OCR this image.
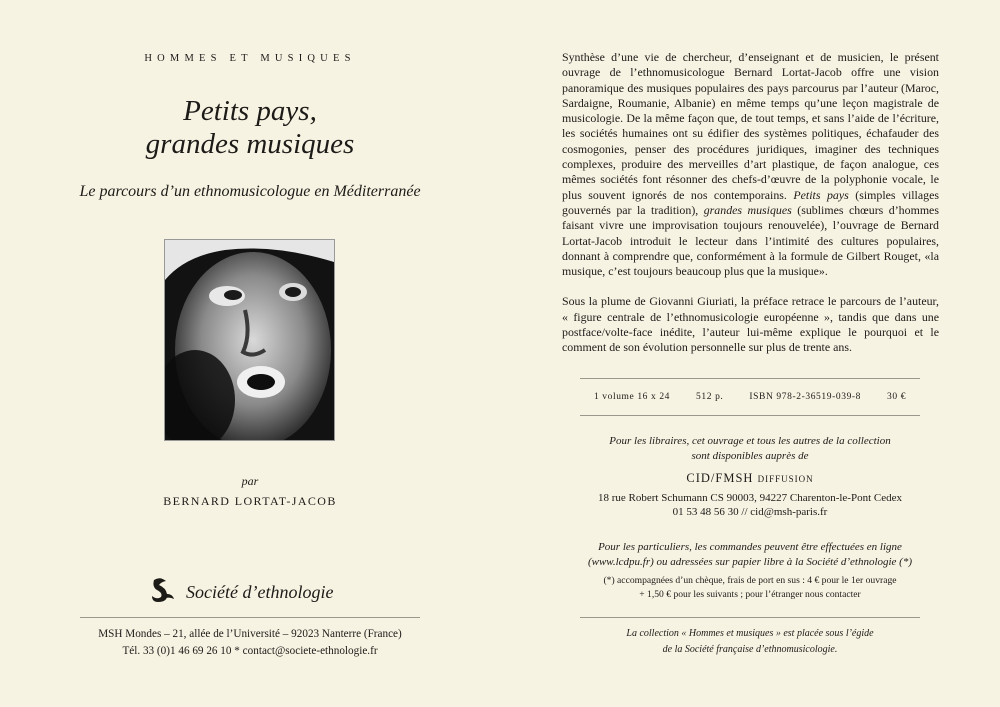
HOMMES ET MUSIQUES
Petits pays,
grandes musiques
Le parcours d’un ethnomusicologue en Méditerranée
par
BERNARD LORTAT-JACOB
Société d’ethnologie
MSH Mondes – 21, allée de l’Université – 92023 Nanterre (France)
Tél. 33 (0)1 46 69 26 10 * contact@societe-ethnologie.fr

Synthèse d’une vie de chercheur, d’enseignant et de musicien, le présent ouvrage de l’ethnomusicologue Bernard Lortat-Jacob offre une vision panoramique des musiques populaires des pays parcourus par l’auteur (Maroc, Sardaigne, Roumanie, Albanie) en même temps qu’une leçon magistrale de musicologie. De la même façon que, de tout temps, et sans l’aide de l’écriture, les sociétés humaines ont su édifier des systèmes politiques, échafauder des cosmogonies, penser des procédures juridiques, imaginer des techniques complexes, produire des merveilles d’art plastique, de façon analogue, ces mêmes sociétés font résonner des chefs-d’œuvre de la polyphonie vocale, le plus souvent ignorés de nos contemporains. Petits pays (simples villages gouvernés par la tradition), grandes musiques (sublimes chœurs d’hommes faisant vivre une improvisation toujours renouvelée), l’ouvrage de Bernard Lortat-Jacob introduit le lecteur dans l’intimité des cultures populaires, donnant à comprendre que, conformément à la formule de Gilbert Rouget, «la musique, c’est toujours beaucoup plus que la musique».

Sous la plume de Giovanni Giuriati, la préface retrace le parcours de l’auteur, « figure centrale de l’ethnomusicologie européenne », tandis que dans une postface/volte-face inédite, l’auteur lui-même explique le pourquoi et le comment de son évolution personnelle sur plus de trente ans.

1 volume 16 x 24	512 p.	ISBN 978-2-36519-039-8	30 €
Pour les libraires, cet ouvrage et tous les autres de la collection
sont disponibles auprès de
CID/FMSH diffusion
18 rue Robert Schumann CS 90003, 94227 Charenton-le-Pont Cedex
01 53 48 56 30 // cid@msh-paris.fr
Pour les particuliers, les commandes peuvent être effectuées en ligne
(www.lcdpu.fr) ou adressées sur papier libre à la Société d’ethnologie (*)
(*) accompagnées d’un chèque, frais de port en sus : 4 € pour le 1er ouvrage
+ 1,50 € pour les suivants ; pour l’étranger nous contacter
La collection « Hommes et musiques » est placée sous l’égide
de la Société française d’ethnomusicologie.
